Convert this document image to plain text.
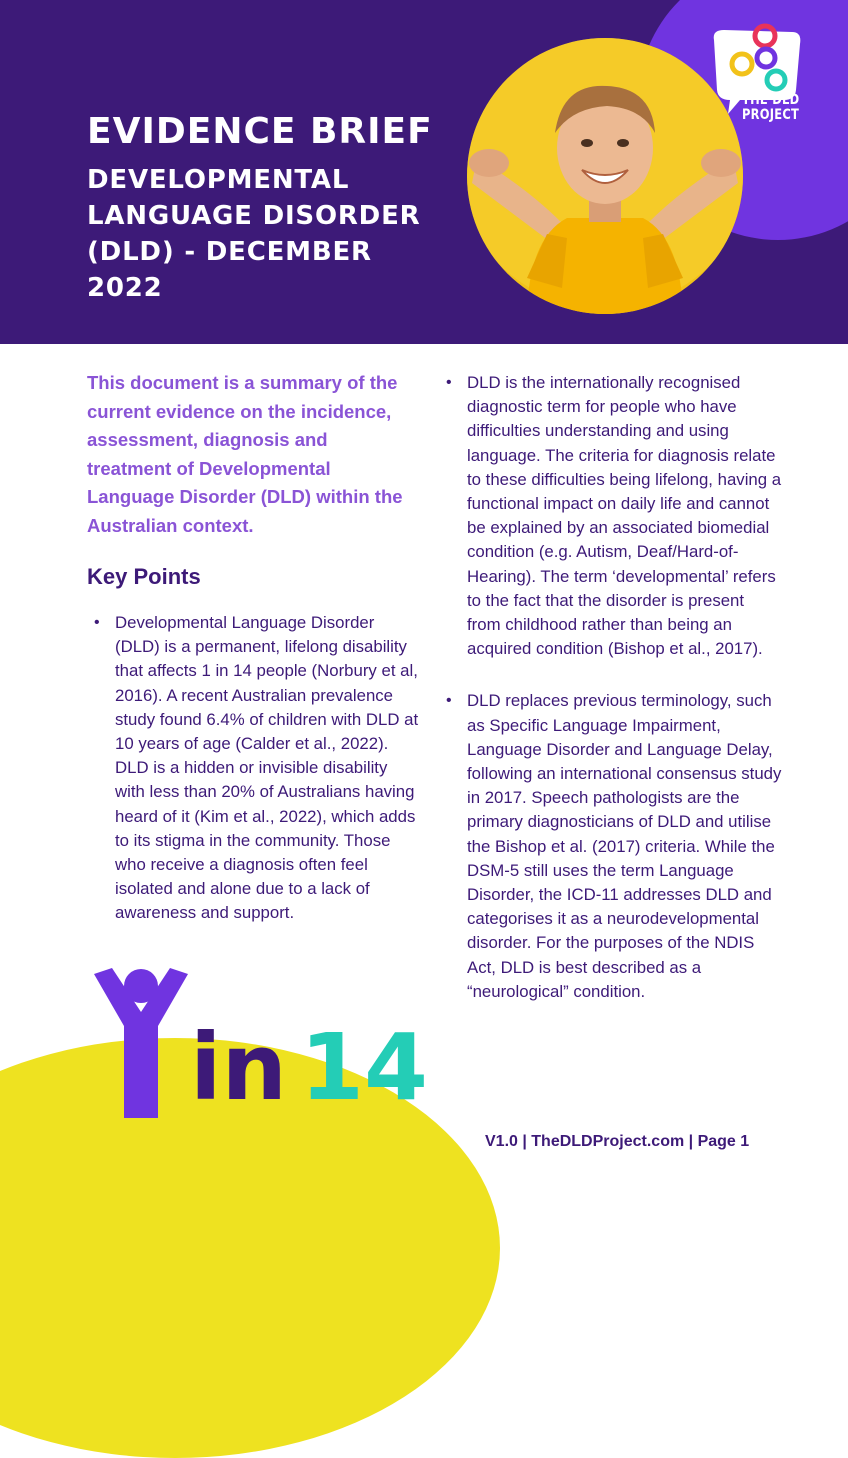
EVIDENCE BRIEF
DEVELOPMENTAL LANGUAGE DISORDER (DLD) - DECEMBER 2022
THE DLD PROJECT

This document is a summary of the current evidence on the incidence, assessment, diagnosis and treatment of Developmental Language Disorder (DLD) within the Australian context.

Key Points
• Developmental Language Disorder (DLD) is a permanent, lifelong disability that affects 1 in 14 people (Norbury et al, 2016). A recent Australian prevalence study found 6.4% of children with DLD at 10 years of age (Calder et al., 2022). DLD is a hidden or invisible disability with less than 20% of Australians having heard of it (Kim et al., 2022), which adds to its stigma in the community. Those who receive a diagnosis often feel isolated and alone due to a lack of awareness and support.
• DLD is the internationally recognised diagnostic term for people who have difficulties understanding and using language. The criteria for diagnosis relate to these difficulties being lifelong, having a functional impact on daily life and cannot be explained by an associated biomedial condition (e.g. Autism, Deaf/Hard-of-Hearing). The term ‘developmental’ refers to the fact that the disorder is present from childhood rather than being an acquired condition (Bishop et al., 2017).
• DLD replaces previous terminology, such as Specific Language Impairment, Language Disorder and Language Delay, following an international consensus study in 2017. Speech pathologists are the primary diagnosticians of DLD and utilise the Bishop et al. (2017) criteria. While the DSM-5 still uses the term Language Disorder, the ICD-11 addresses DLD and categorises it as a neurodevelopmental disorder. For the purposes of the NDIS Act, DLD is best described as a “neurological” condition.
in 14

V1.0 | TheDLDProject.com | Page 1
